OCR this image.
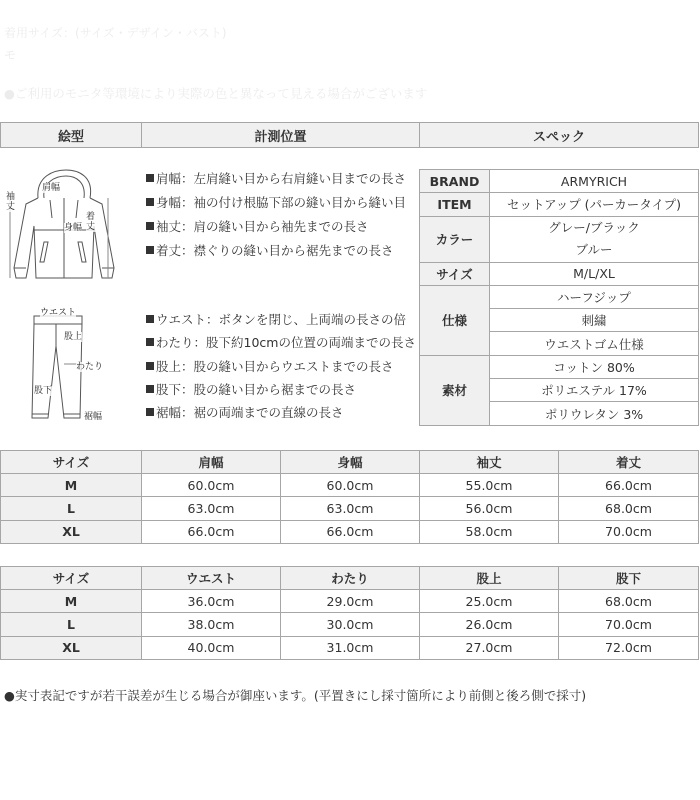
着用サイズ：(サイズ・デザイン・バスト)
モ
●ご利用のモニタ等環境により実際の色と異なって見える場合がございます
絵型	計測位置	スペック
肩幅
袖丈
身幅
着丈
肩幅：左肩縫い目から右肩縫い目までの長さ
身幅：袖の付け根脇下部の縫い目から縫い目
袖丈：肩の縫い目から袖先までの長さ
着丈：襟ぐりの縫い目から裾先までの長さ
ウエスト
股上
わたり
股下
裾幅
ウエスト：ボタンを閉じ、上両端の長さの倍
わたり：股下約10cmの位置の両端までの長さ
股上：股の縫い目からウエストまでの長さ
股下：股の縫い目から裾までの長さ
裾幅：裾の両端までの直線の長さ
BRAND	ARMYRICH
ITEM	セットアップ (パーカータイプ)
カラー	グレー/ブラック
ブルー

サイズ	M/L/XL
仕様	ハーフジップ
	刺繍
	ウエストゴム仕様
素材	コットン 80%
	ポリエステル 17%
	ポリウレタン 3%
サイズ	肩幅	身幅	袖丈	着丈
M	60.0cm	60.0cm	55.0cm	66.0cm
L	63.0cm	63.0cm	56.0cm	68.0cm
XL	66.0cm	66.0cm	58.0cm	70.0cm
サイズ	ウエスト	わたり	股上	股下
M	36.0cm	29.0cm	25.0cm	68.0cm
L	38.0cm	30.0cm	26.0cm	70.0cm
XL	40.0cm	31.0cm	27.0cm	72.0cm
●実寸表記ですが若干誤差が生じる場合が御座います。(平置きにし採寸箇所により前側と後ろ側で採寸)
